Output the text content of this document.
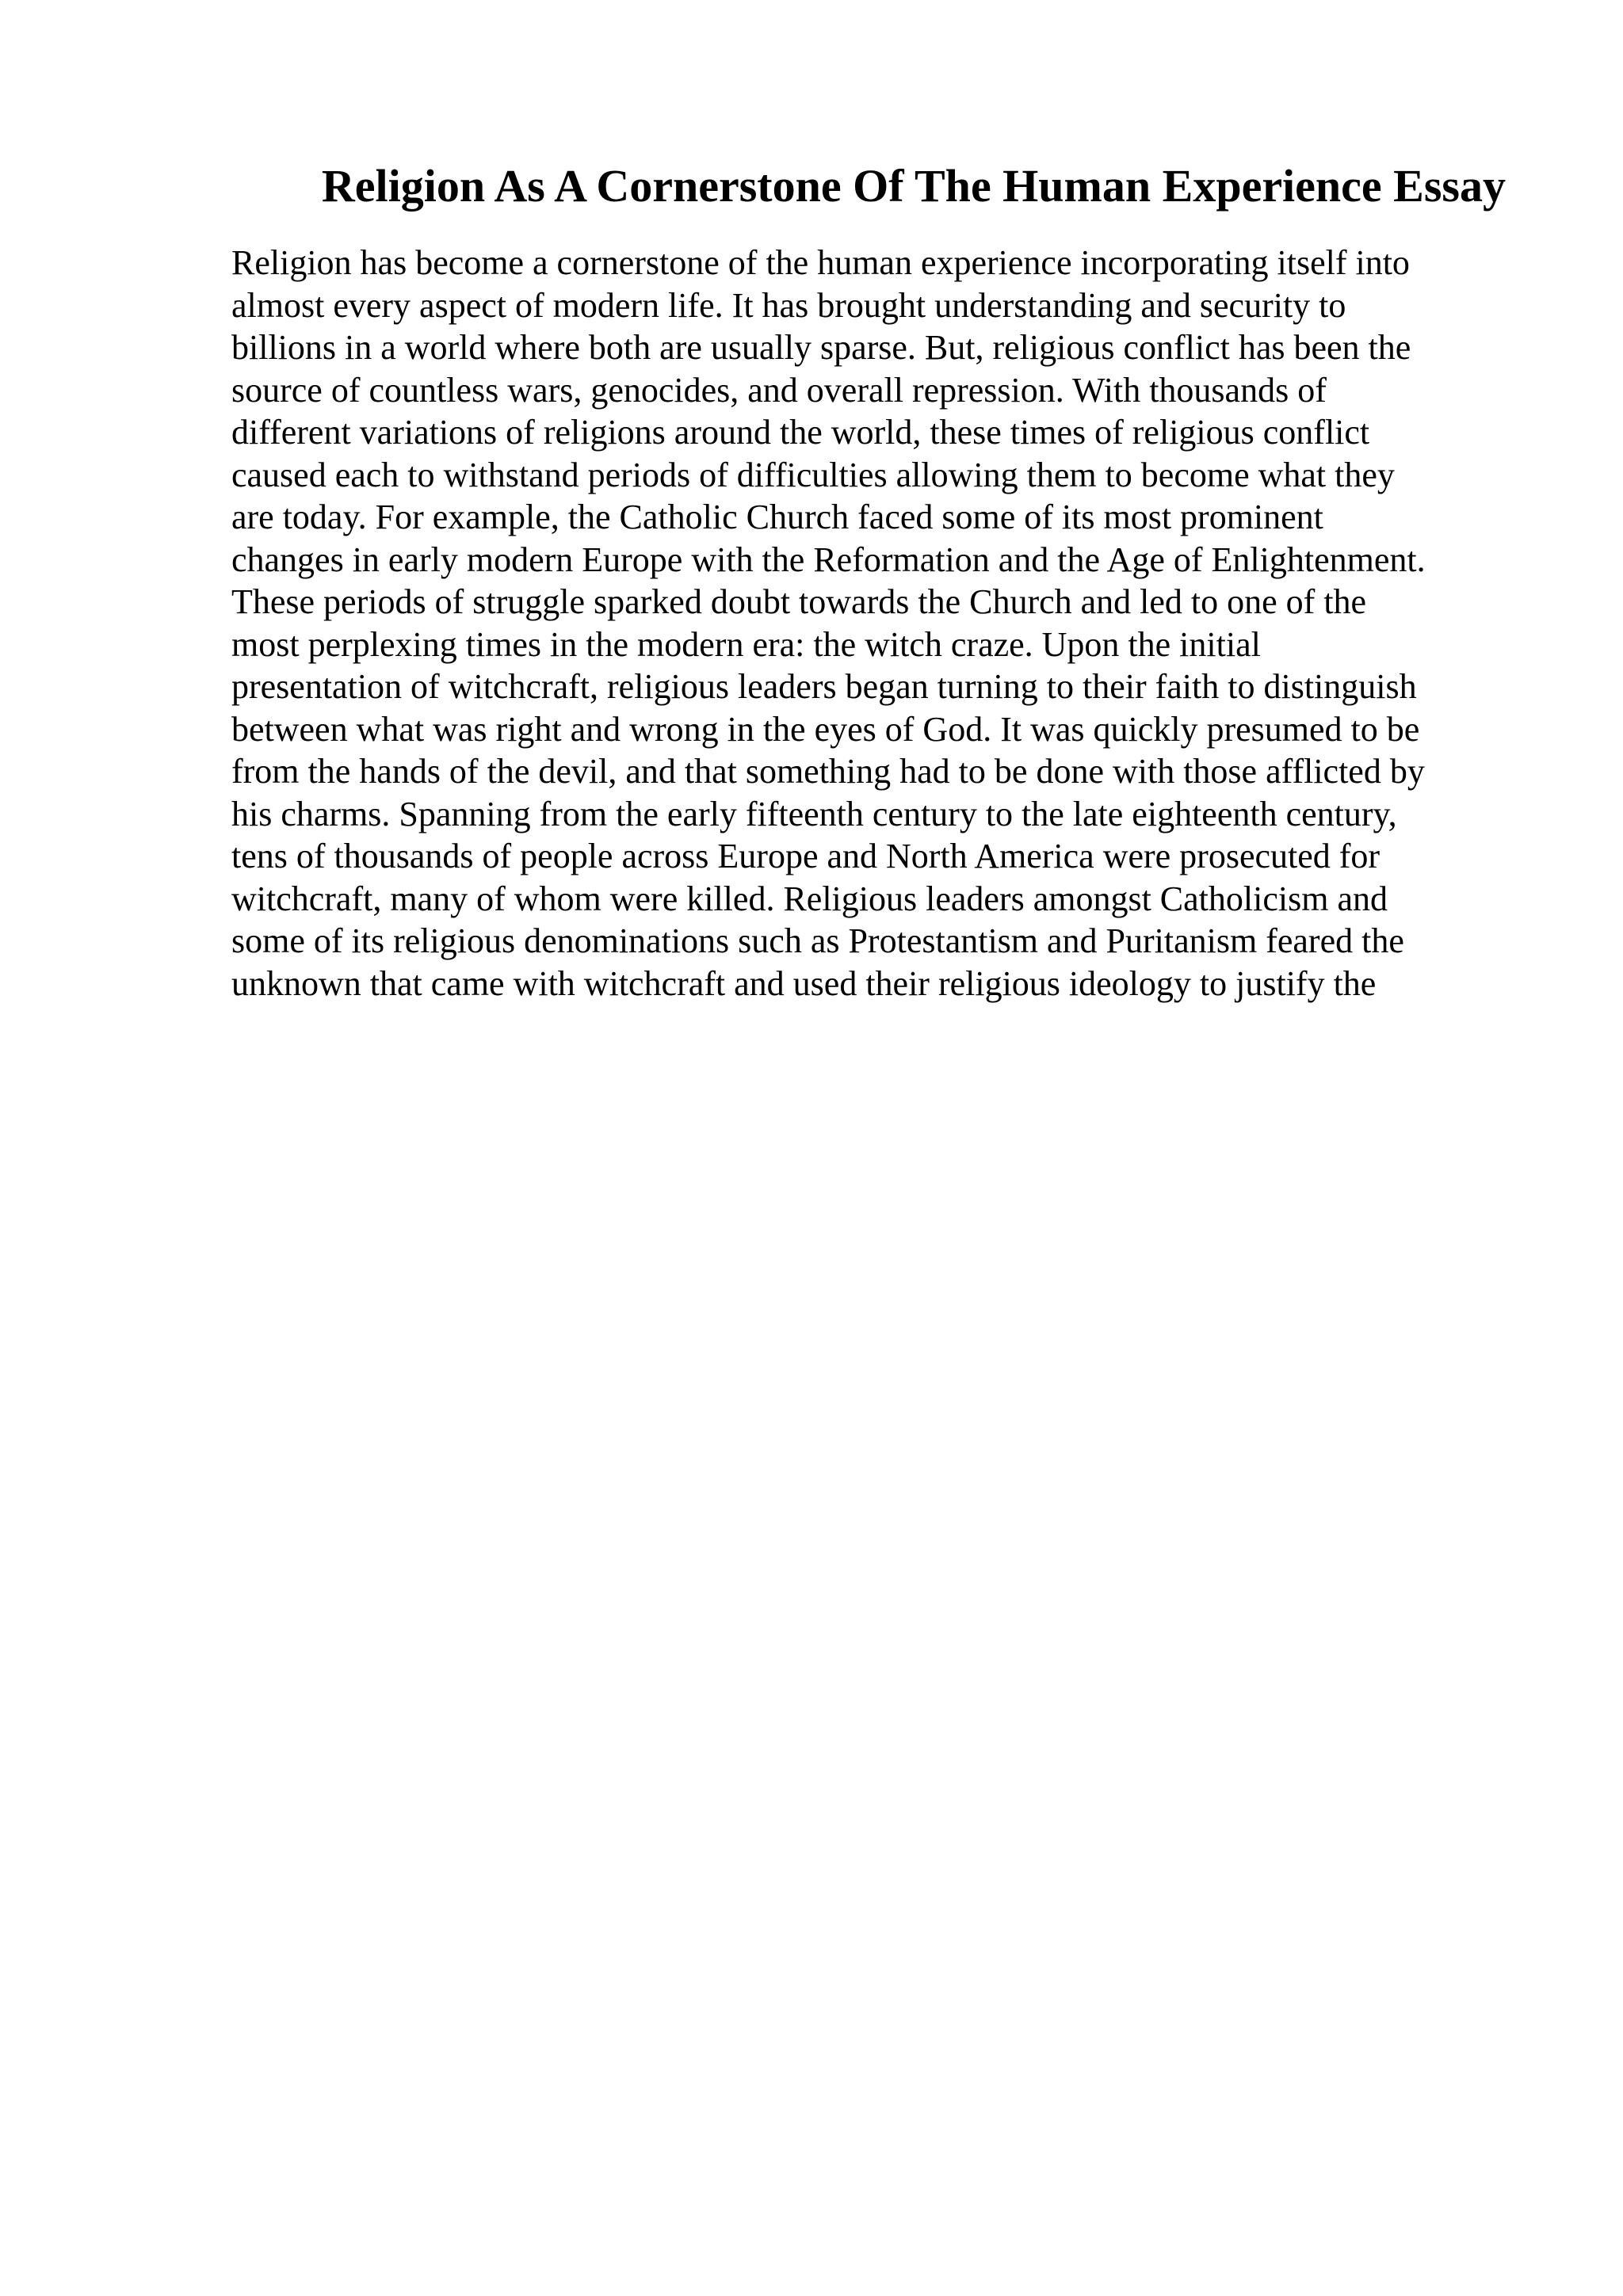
Religion As A Cornerstone Of The Human Experience Essay
Religion has become a cornerstone of the human experience incorporating itself into
almost every aspect of modern life. It has brought understanding and security to
billions in a world where both are usually sparse. But, religious conflict has been the
source of countless wars, genocides, and overall repression. With thousands of
different variations of religions around the world, these times of religious conflict
caused each to withstand periods of difficulties allowing them to become what they
are today. For example, the Catholic Church faced some of its most prominent
changes in early modern Europe with the Reformation and the Age of Enlightenment.
These periods of struggle sparked doubt towards the Church and led to one of the
most perplexing times in the modern era: the witch craze. Upon the initial
presentation of witchcraft, religious leaders began turning to their faith to distinguish
between what was right and wrong in the eyes of God. It was quickly presumed to be
from the hands of the devil, and that something had to be done with those afflicted by
his charms. Spanning from the early fifteenth century to the late eighteenth century,
tens of thousands of people across Europe and North America were prosecuted for
witchcraft, many of whom were killed. Religious leaders amongst Catholicism and
some of its religious denominations such as Protestantism and Puritanism feared the
unknown that came with witchcraft and used their religious ideology to justify the
